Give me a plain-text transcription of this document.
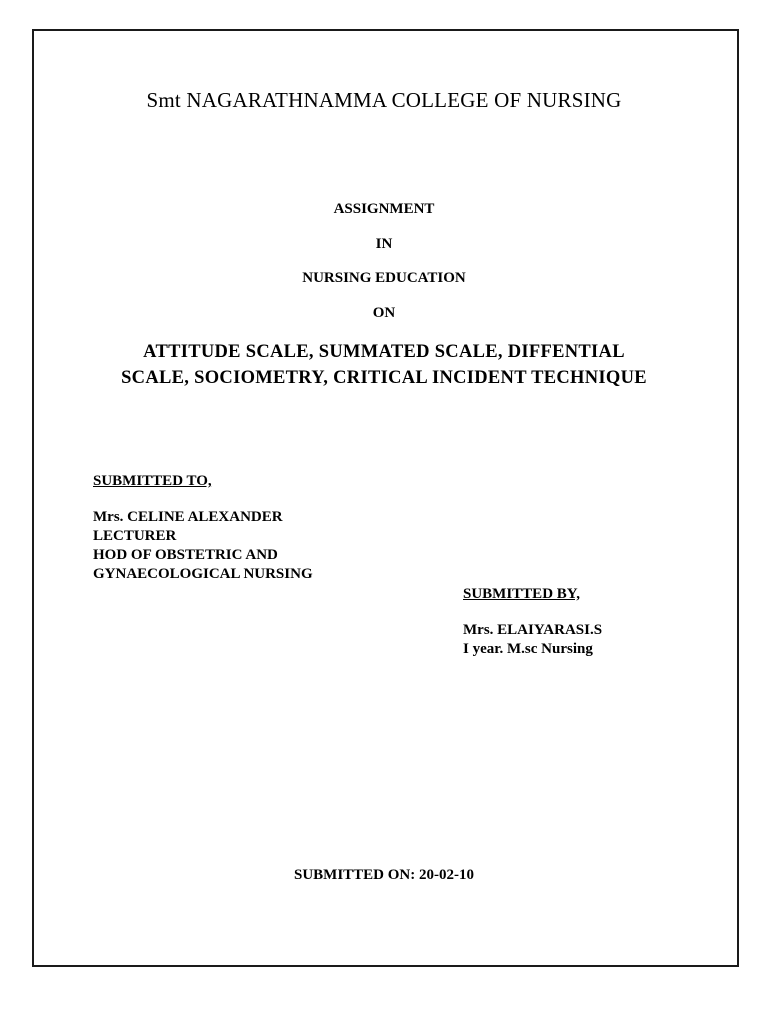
Smt NAGARATHNAMMA COLLEGE OF NURSING

ASSIGNMENT

IN

NURSING EDUCATION

ON

ATTITUDE SCALE, SUMMATED SCALE, DIFFENTIAL
SCALE, SOCIOMETRY, CRITICAL INCIDENT TECHNIQUE

SUBMITTED TO,

Mrs. CELINE ALEXANDER
LECTURER
HOD OF OBSTETRIC AND
GYNAECOLOGICAL NURSING

SUBMITTED BY,

Mrs. ELAIYARASI.S
I year. M.sc Nursing

SUBMITTED ON: 20-02-10
